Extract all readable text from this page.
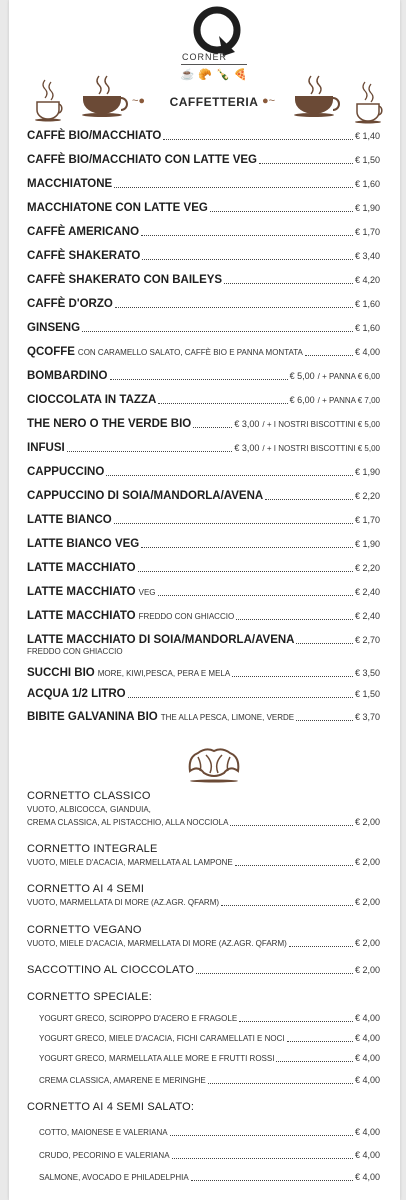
CORNER
☕ 🥐 🍾 🍕
~●	CAFFETTERIA ●~
CAFFÈ BIO/MACCHIATO	€ 1,40
CAFFÈ BIO/MACCHIATO CON LATTE VEG	€ 1,50
MACCHIATONE	€ 1,60
MACCHIATONE CON LATTE VEG	€ 1,90
CAFFÈ AMERICANO	€ 1,70
CAFFÈ SHAKERATO	€ 3,40
CAFFÈ SHAKERATO CON BAILEYS	€ 4,20
CAFFÈ D'ORZO	€ 1,60
GINSENG	€ 1,60
QCOFFE CON CARAMELLO SALATO, CAFFÈ BIO E PANNA MONTATA	€ 4,00
BOMBARDINO	€ 5,00 / + PANNA € 6,00
CIOCCOLATA IN TAZZA	€ 6,00 / + PANNA € 7,00
THE NERO O THE VERDE BIO	€ 3,00 / + I NOSTRI BISCOTTINI € 5,00
INFUSI	€ 3,00 / + I NOSTRI BISCOTTINI € 5,00
CAPPUCCINO	€ 1,90
CAPPUCCINO DI SOIA/MANDORLA/AVENA	€ 2,20
LATTE BIANCO	€ 1,70
LATTE BIANCO VEG	€ 1,90
LATTE MACCHIATO	€ 2,20
LATTE MACCHIATO VEG	€ 2,40
LATTE MACCHIATO FREDDO CON GHIACCIO	€ 2,40
LATTE MACCHIATO DI SOIA/MANDORLA/AVENA	€ 2,70
FREDDO CON GHIACCIO
SUCCHI BIO MORE, KIWI,PESCA, PERA E MELA	€ 3,50
ACQUA 1/2 LITRO	€ 1,50
BIBITE GALVANINA BIO THE ALLA PESCA, LIMONE, VERDE	€ 3,70
CORNETTO CLASSICO
VUOTO, ALBICOCCA, GIANDUIA,
CREMA CLASSICA, AL PISTACCHIO, ALLA NOCCIOLA	€ 2,00
CORNETTO INTEGRALE
VUOTO, MIELE D'ACACIA, MARMELLATA AL LAMPONE	€ 2,00
CORNETTO AI 4 SEMI
VUOTO, MARMELLATA DI MORE (AZ.AGR. QFARM)	€ 2,00
CORNETTO VEGANO
VUOTO, MIELE D'ACACIA, MARMELLATA DI MORE (AZ.AGR. QFARM)	€ 2,00
SACCOTTINO AL CIOCCOLATO	€ 2,00
CORNETTO SPECIALE:
YOGURT GRECO, SCIROPPO D'ACERO E FRAGOLE	€ 4,00
YOGURT GRECO, MIELE D'ACACIA, FICHI CARAMELLATI E NOCI	€ 4,00
YOGURT GRECO, MARMELLATA ALLE MORE E FRUTTI ROSSI	€ 4,00
CREMA CLASSICA, AMARENE E MERINGHE	€ 4,00
CORNETTO AI 4 SEMI SALATO:
COTTO, MAIONESE E VALERIANA	€ 4,00
CRUDO, PECORINO E VALERIANA	€ 4,00
SALMONE, AVOCADO E PHILADELPHIA	€ 4,00
